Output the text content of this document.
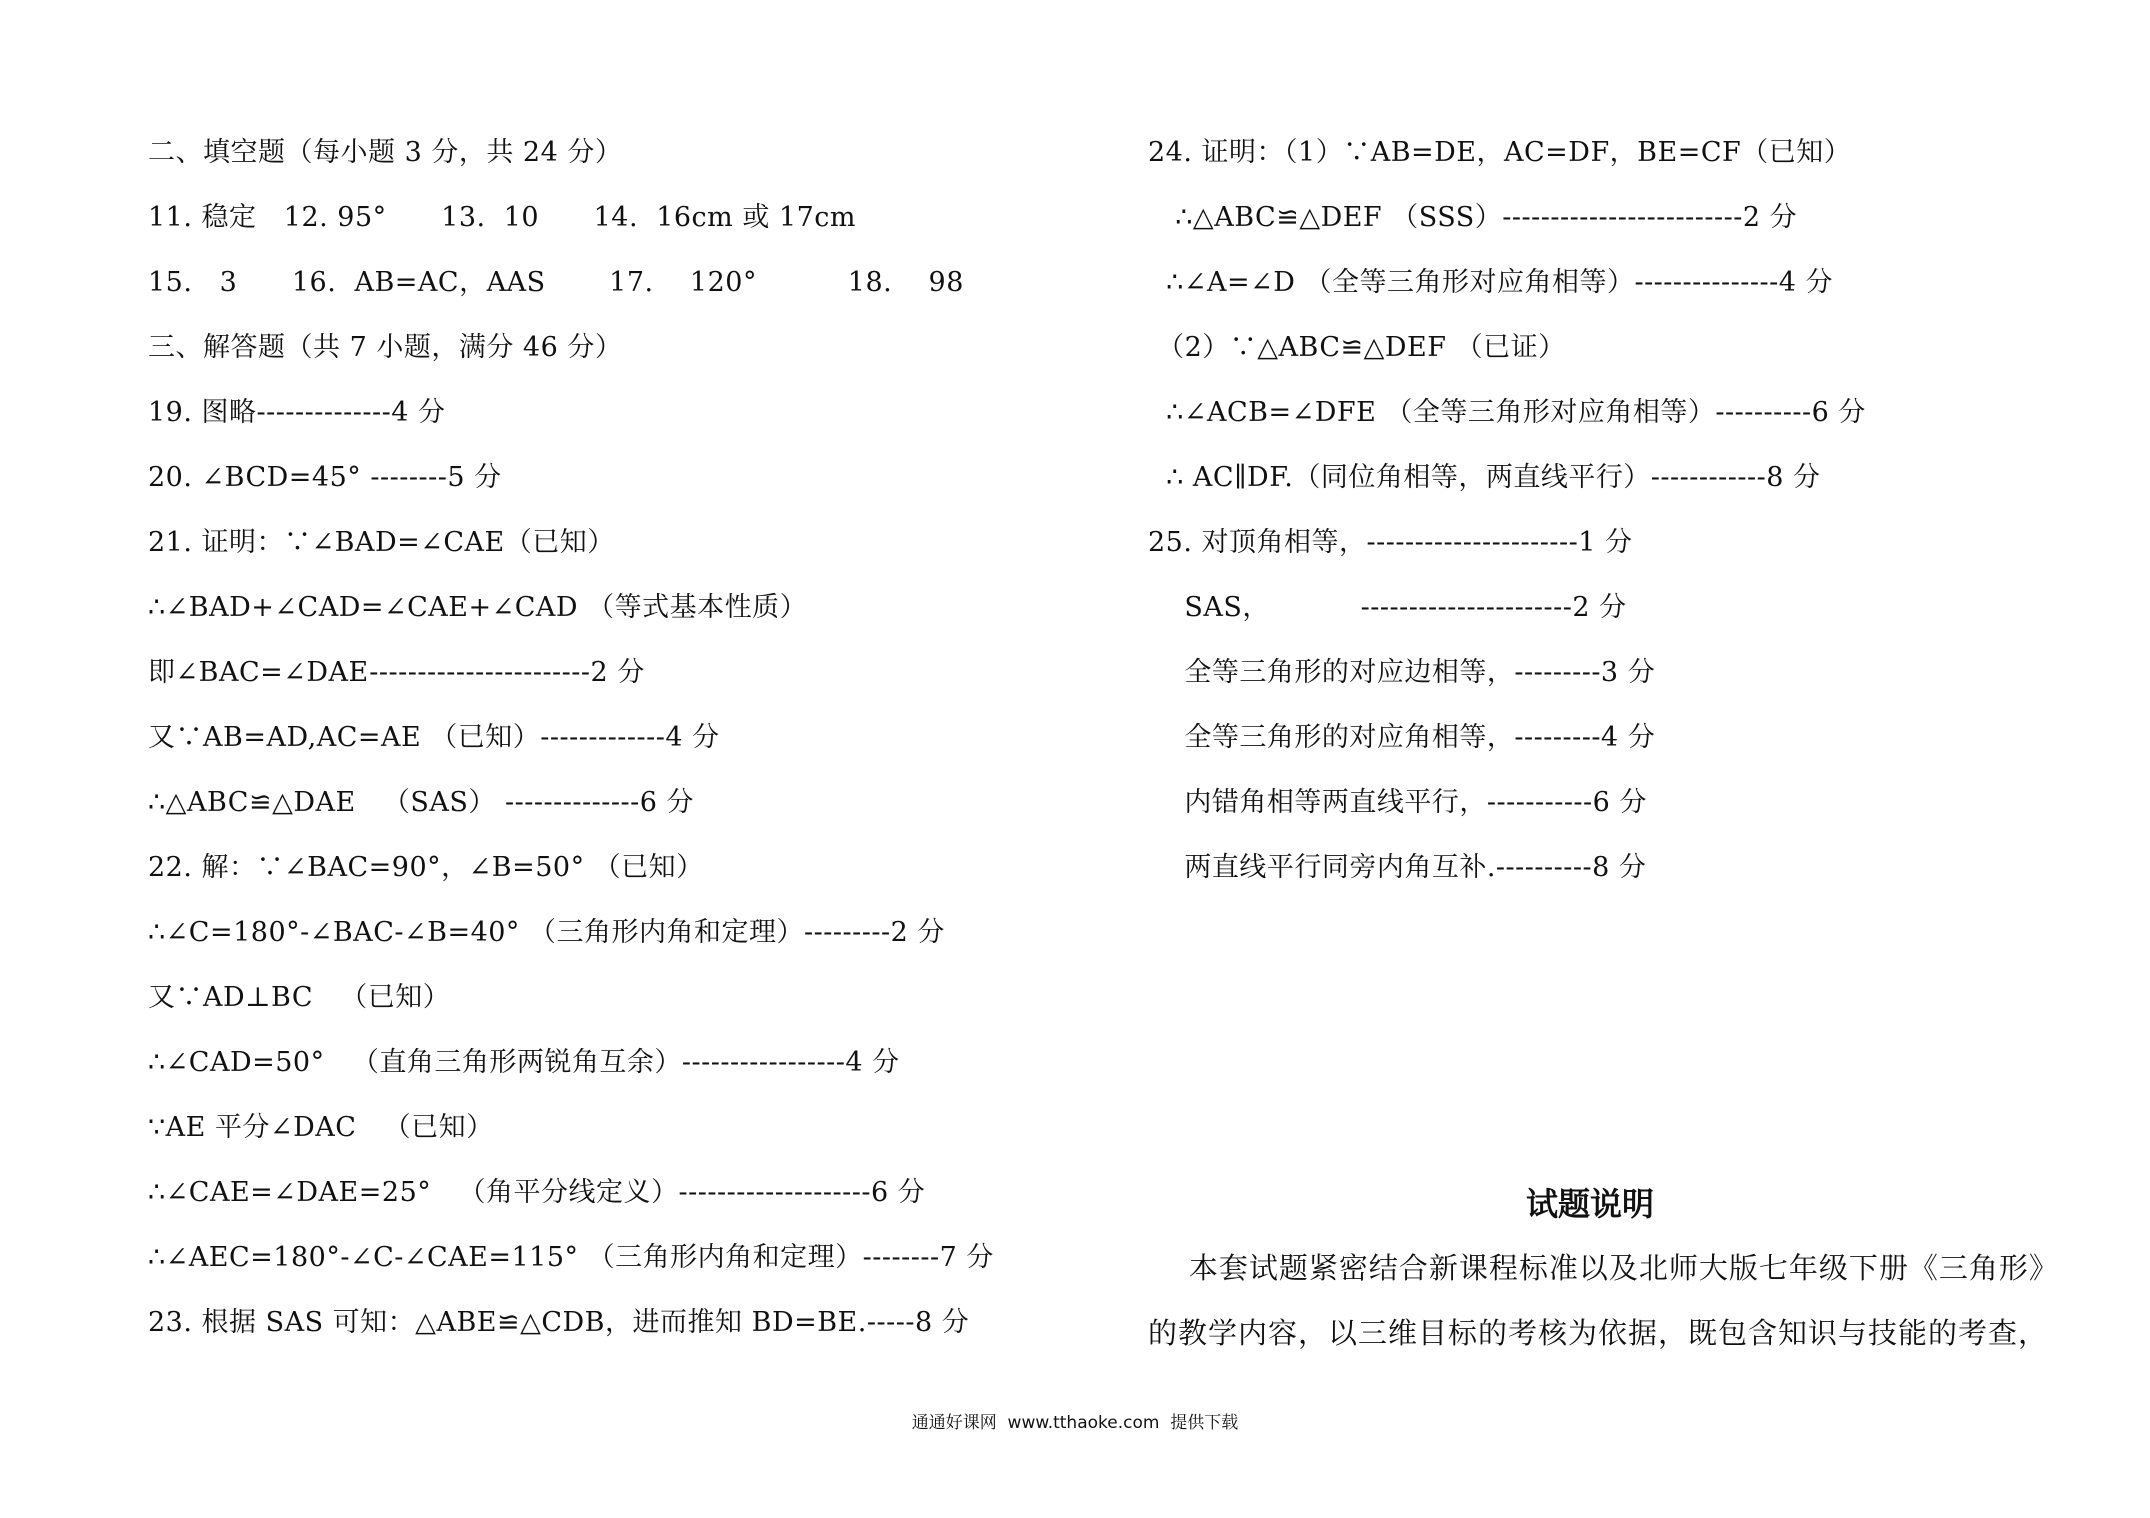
二、填空题（每小题 3 分，共 24 分）
11. 稳定   12. 95°      13.  10      14.  16cm 或 17cm
15.   3      16.  AB=AC，AAS       17.    120°          18.    98
三、解答题（共 7 小题，满分 46 分）
19. 图略--------------4 分
20. ∠BCD=45° --------5 分
21. 证明：∵∠BAD=∠CAE（已知）
∴∠BAD+∠CAD=∠CAE+∠CAD （等式基本性质）
即∠BAC=∠DAE-----------------------2 分
又∵AB=AD,AC=AE （已知）-------------4 分
∴△ABC≌△DAE   （SAS） --------------6 分
22. 解：∵∠BAC=90°，∠B=50° （已知）
∴∠C=180°-∠BAC-∠B=40° （三角形内角和定理）---------2 分
又∵AD⊥BC   （已知）
∴∠CAD=50°   （直角三角形两锐角互余）-----------------4 分
∵AE 平分∠DAC   （已知）
∴∠CAE=∠DAE=25°   （角平分线定义）--------------------6 分
∴∠AEC=180°-∠C-∠CAE=115° （三角形内角和定理）--------7 分
23. 根据 SAS 可知：△ABE≌△CDB，进而推知 BD=BE.-----8 分
24. 证明：（1）∵AB=DE，AC=DF，BE=CF（已知）
∴△ABC≌△DEF （SSS）-------------------------2 分
∴∠A=∠D （全等三角形对应角相等）---------------4 分
（2）∵△ABC≌△DEF （已证）
∴∠ACB=∠DFE （全等三角形对应角相等）----------6 分
∴ AC∥DF.（同位角相等，两直线平行）------------8 分
25. 对顶角相等，----------------------1 分
SAS，          ----------------------2 分
全等三角形的对应边相等，---------3 分
全等三角形的对应角相等，---------4 分
内错角相等两直线平行，-----------6 分
两直线平行同旁内角互补.----------8 分
试题说明
本套试题紧密结合新课程标准以及北师大版七年级下册《三角形》
的教学内容，以三维目标的考核为依据，既包含知识与技能的考查，
通通好课网  www.tthaoke.com  提供下载
